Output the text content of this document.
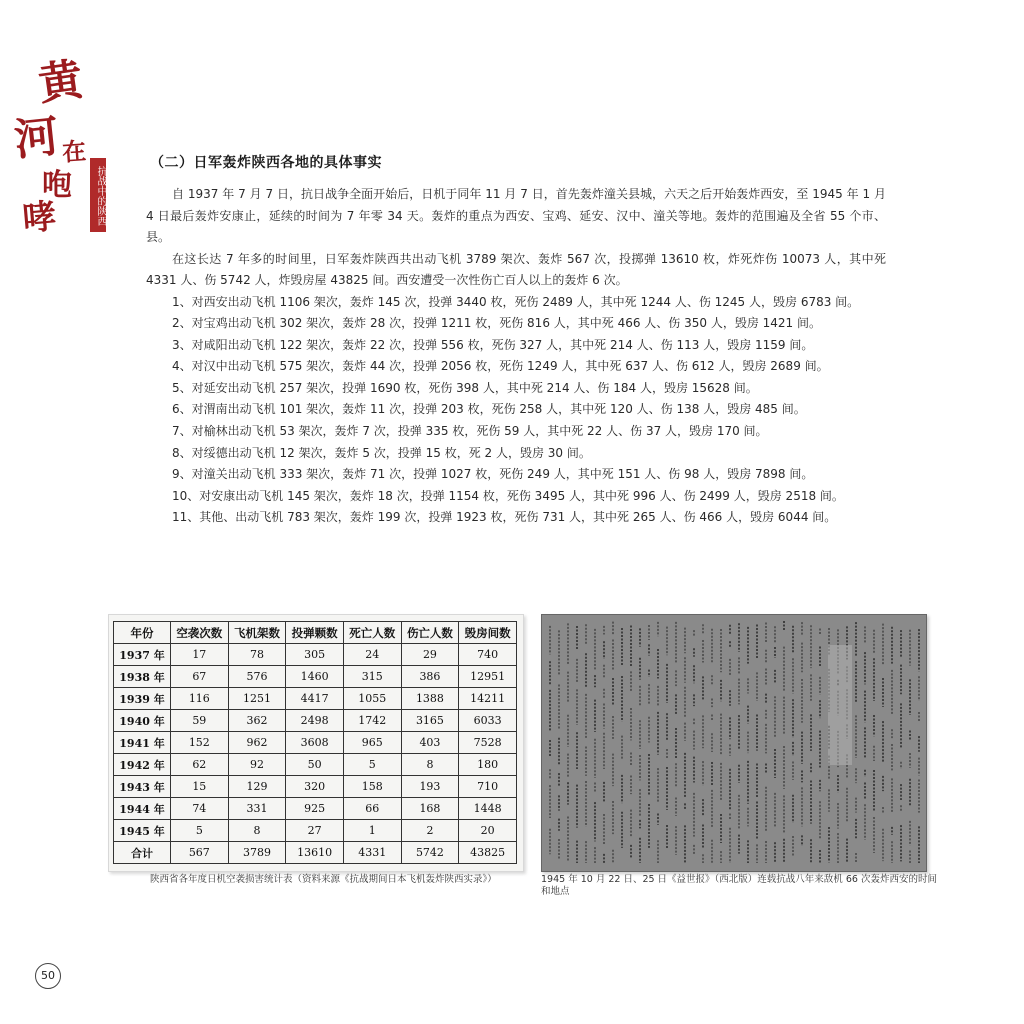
黄
河 在
咆
哮	抗战中的陕西
（二）日军轰炸陕西各地的具体事实

自 1937 年 7 月 7 日，抗日战争全面开始后，日机于同年 11 月 7 日，首先轰炸潼关县城，六天之后开始轰炸西安，至 1945 年 1 月 4 日最后轰炸安康止，延续的时间为 7 年零 34 天。轰炸的重点为西安、宝鸡、延安、汉中、潼关等地。轰炸的范围遍及全省 55 个市、县。

在这长达 7 年多的时间里，日军轰炸陕西共出动飞机 3789 架次、轰炸 567 次，投掷弹 13610 枚，炸死炸伤 10073 人，其中死 4331 人、伤 5742 人，炸毁房屋 43825 间。西安遭受一次性伤亡百人以上的轰炸 6 次。

1、对西安出动飞机 1106 架次，轰炸 145 次，投弹 3440 枚，死伤 2489 人，其中死 1244 人、伤 1245 人，毁房 6783 间。
2、对宝鸡出动飞机 302 架次，轰炸 28 次，投弹 1211 枚，死伤 816 人，其中死 466 人、伤 350 人，毁房 1421 间。
3、对咸阳出动飞机 122 架次，轰炸 22 次，投弹 556 枚，死伤 327 人，其中死 214 人、伤 113 人，毁房 1159 间。
4、对汉中出动飞机 575 架次，轰炸 44 次，投弹 2056 枚，死伤 1249 人，其中死 637 人、伤 612 人，毁房 2689 间。
5、对延安出动飞机 257 架次，投弹 1690 枚，死伤 398 人，其中死 214 人、伤 184 人，毁房 15628 间。
6、对渭南出动飞机 101 架次，轰炸 11 次，投弹 203 枚，死伤 258 人，其中死 120 人、伤 138 人，毁房 485 间。
7、对榆林出动飞机 53 架次，轰炸 7 次，投弹 335 枚，死伤 59 人，其中死 22 人、伤 37 人，毁房 170 间。
8、对绥德出动飞机 12 架次，轰炸 5 次，投弹 15 枚，死 2 人，毁房 30 间。
9、对潼关出动飞机 333 架次，轰炸 71 次，投弹 1027 枚，死伤 249 人，其中死 151 人、伤 98 人，毁房 7898 间。
10、对安康出动飞机 145 架次，轰炸 18 次，投弹 1154 枚，死伤 3495 人，其中死 996 人、伤 2499 人，毁房 2518 间。
11、其他、出动飞机 783 架次，轰炸 199 次，投弹 1923 枚，死伤 731 人，其中死 265 人、伤 466 人，毁房 6044 间。
年份	空袭次数	飞机架数	投弹颗数	死亡人数	伤亡人数	毁房间数
1937 年	17	78	305	24	29	740
1938 年	67	576	1460	315	386	12951
1939 年	116	1251	4417	1055	1388	14211
1940 年	59	362	2498	1742	3165	6033
1941 年	152	962	3608	965	403	7528
1942 年	62	92	50	5	8	180
1943 年	15	129	320	158	193	710
1944 年	74	331	925	66	168	1448
1945 年	5	8	27	1	2	20
合计	567	3789	13610	4331	5742	43825
陕西省各年度日机空袭损害统计表（资料来源《抗战期间日本飞机轰炸陕西实录》）	1945 年 10 月 22 日、25 日《益世报》（西北版）连载抗战八年来敌机 66 次轰炸西安的时间和地点
50
